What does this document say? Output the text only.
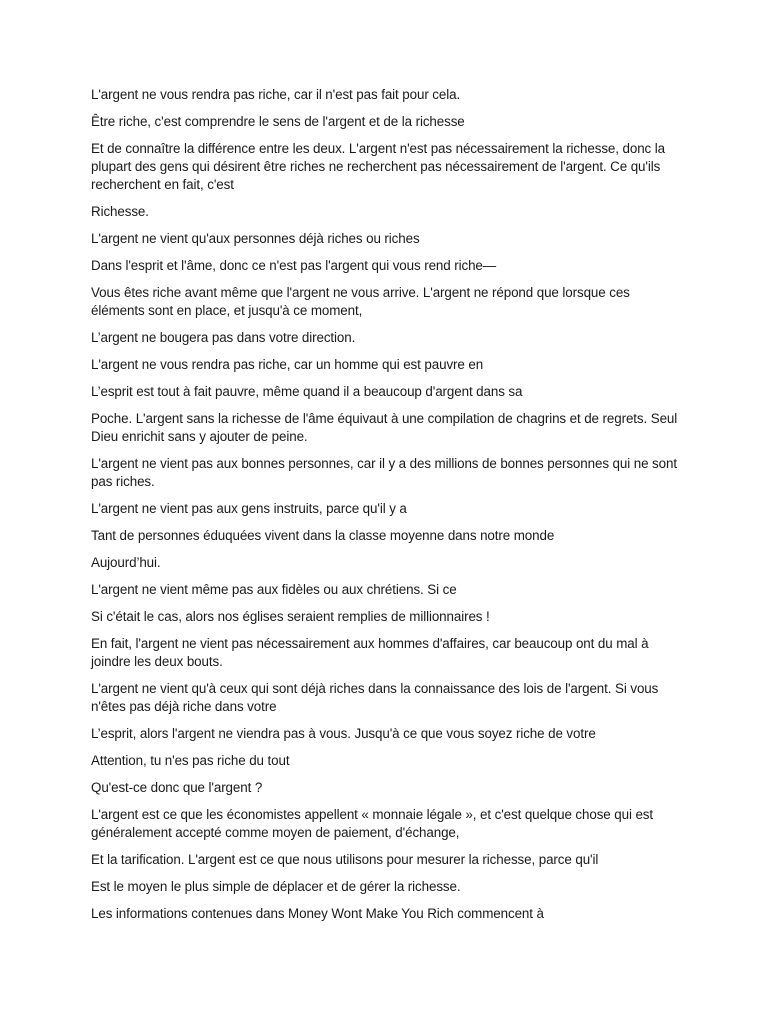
L'argent ne vous rendra pas riche, car il n'est pas fait pour cela.

Être riche, c'est comprendre le sens de l'argent et de la richesse

Et de connaître la différence entre les deux. L'argent n'est pas nécessairement la richesse, donc la plupart des gens qui désirent être riches ne recherchent pas nécessairement de l'argent. Ce qu'ils recherchent en fait, c'est

Richesse.

L'argent ne vient qu'aux personnes déjà riches ou riches

Dans l'esprit et l'âme, donc ce n'est pas l'argent qui vous rend riche—

Vous êtes riche avant même que l'argent ne vous arrive. L'argent ne répond que lorsque ces éléments sont en place, et jusqu'à ce moment,

L’argent ne bougera pas dans votre direction.

L'argent ne vous rendra pas riche, car un homme qui est pauvre en

L’esprit est tout à fait pauvre, même quand il a beaucoup d'argent dans sa

Poche. L'argent sans la richesse de l'âme équivaut à une compilation de chagrins et de regrets. Seul Dieu enrichit sans y ajouter de peine.

L'argent ne vient pas aux bonnes personnes, car il y a des millions de bonnes personnes qui ne sont pas riches.

L'argent ne vient pas aux gens instruits, parce qu'il y a

Tant de personnes éduquées vivent dans la classe moyenne dans notre monde

Aujourd’hui.

L'argent ne vient même pas aux fidèles ou aux chrétiens. Si ce

Si c'était le cas, alors nos églises seraient remplies de millionnaires !

En fait, l'argent ne vient pas nécessairement aux hommes d'affaires, car beaucoup ont du mal à joindre les deux bouts.

L'argent ne vient qu'à ceux qui sont déjà riches dans la connaissance des lois de l'argent. Si vous n'êtes pas déjà riche dans votre

L’esprit, alors l'argent ne viendra pas à vous. Jusqu'à ce que vous soyez riche de votre

Attention, tu n'es pas riche du tout

Qu'est-ce donc que l'argent ?

L'argent est ce que les économistes appellent « monnaie légale », et c'est quelque chose qui est généralement accepté comme moyen de paiement, d'échange,

Et la tarification. L'argent est ce que nous utilisons pour mesurer la richesse, parce qu'il

Est le moyen le plus simple de déplacer et de gérer la richesse.

Les informations contenues dans Money Wont Make You Rich commencent à
